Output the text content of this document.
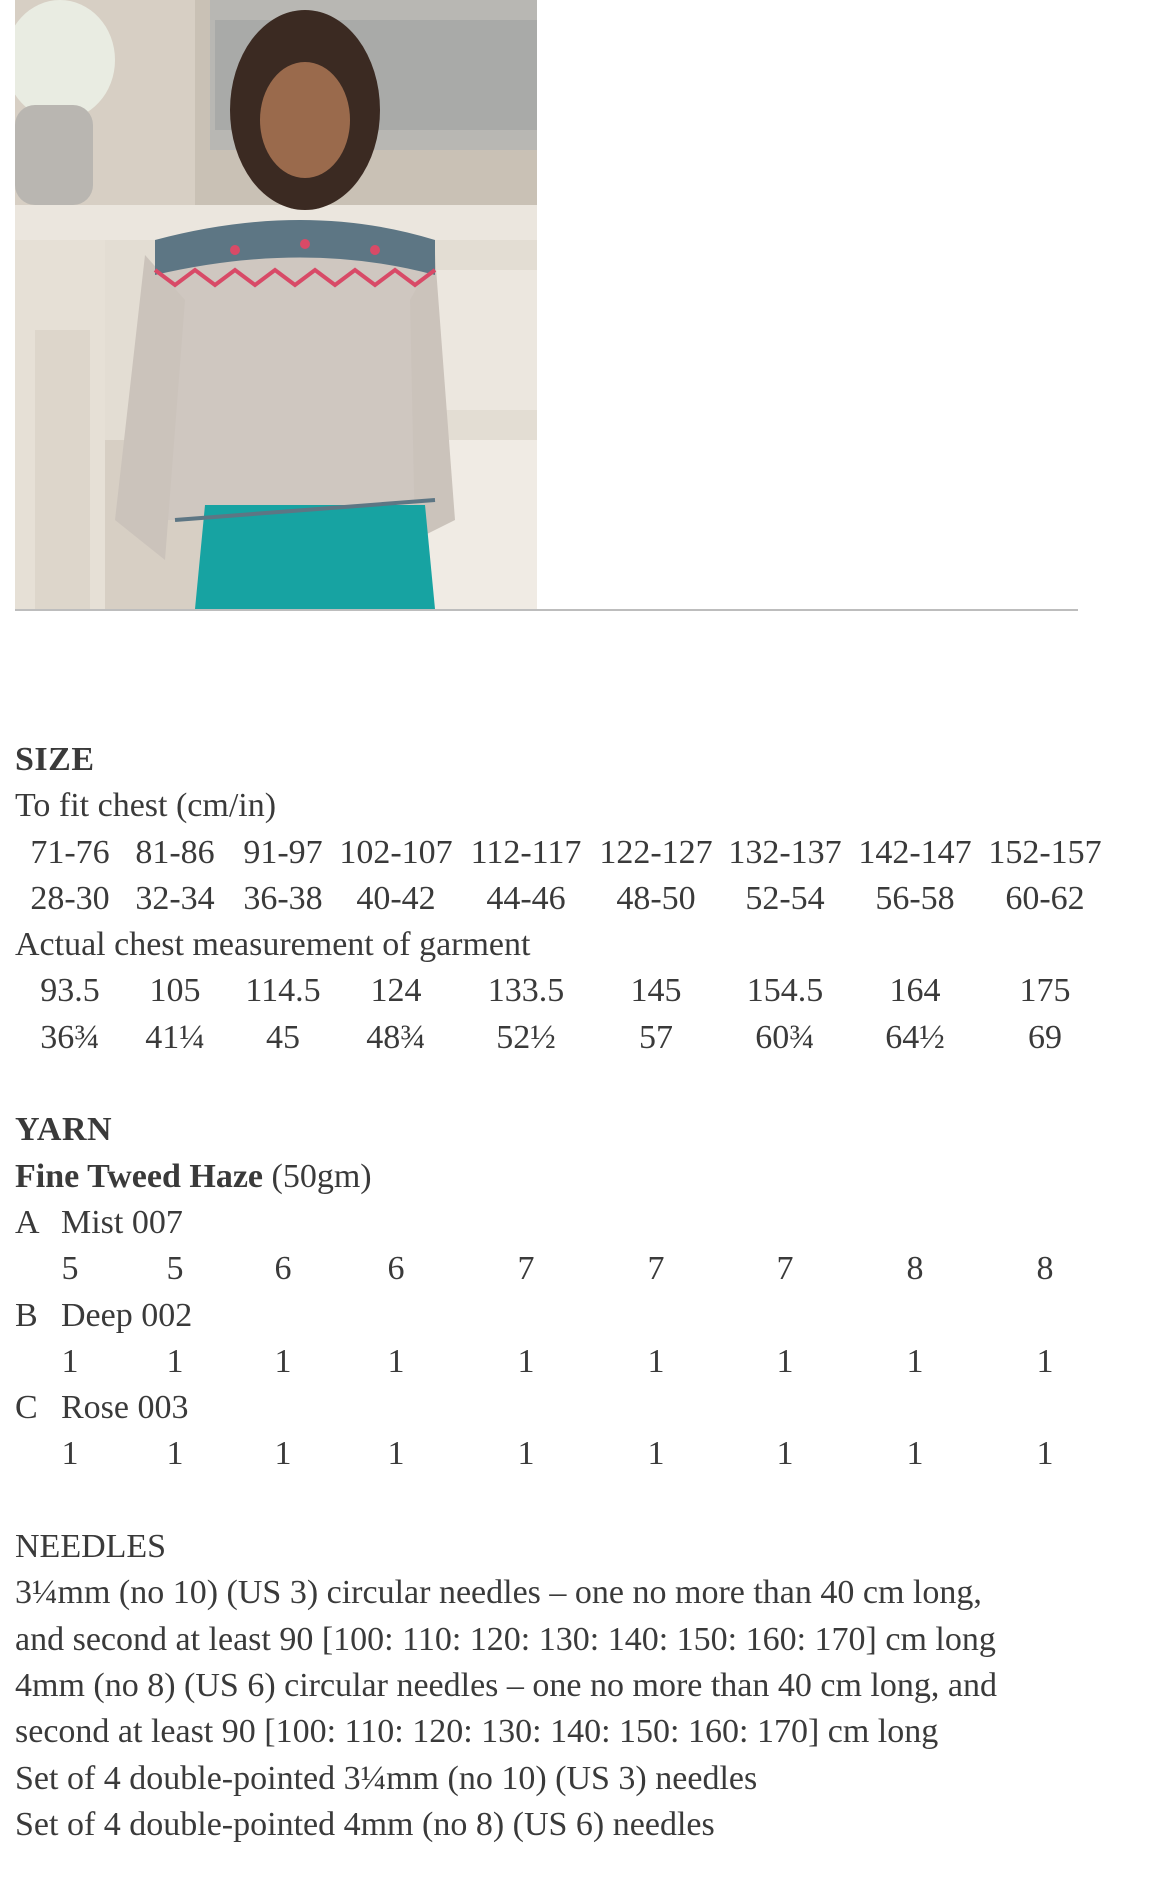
SIZE
To fit chest (cm/in)
71-76 81-86 91-97 102-107 112-117 122-127 132-137 142-147 152-157
28-30 32-34 36-38 40-42 44-46 48-50 52-54 56-58 60-62
Actual chest measurement of garment
93.5 105 114.5 124 133.5 145 154.5 164 175
36¾ 41¼ 45 48¾ 52½ 57 60¾ 64½ 69
YARN
Fine Tweed Haze (50gm)
A Mist 007
5	5	6	6	7	7	7	8	8
B Deep 002
1	1	1	1	1	1	1	1	1
C Rose 003
1	1	1	1	1	1	1	1	1
NEEDLES
3¼mm (no 10) (US 3) circular needles – one no more than 40 cm long,
and second at least 90 [100: 110: 120: 130: 140: 150: 160: 170] cm long
4mm (no 8) (US 6) circular needles – one no more than 40 cm long, and
second at least 90 [100: 110: 120: 130: 140: 150: 160: 170] cm long
Set of 4 double-pointed 3¼mm (no 10) (US 3) needles
Set of 4 double-pointed 4mm (no 8) (US 6) needles
